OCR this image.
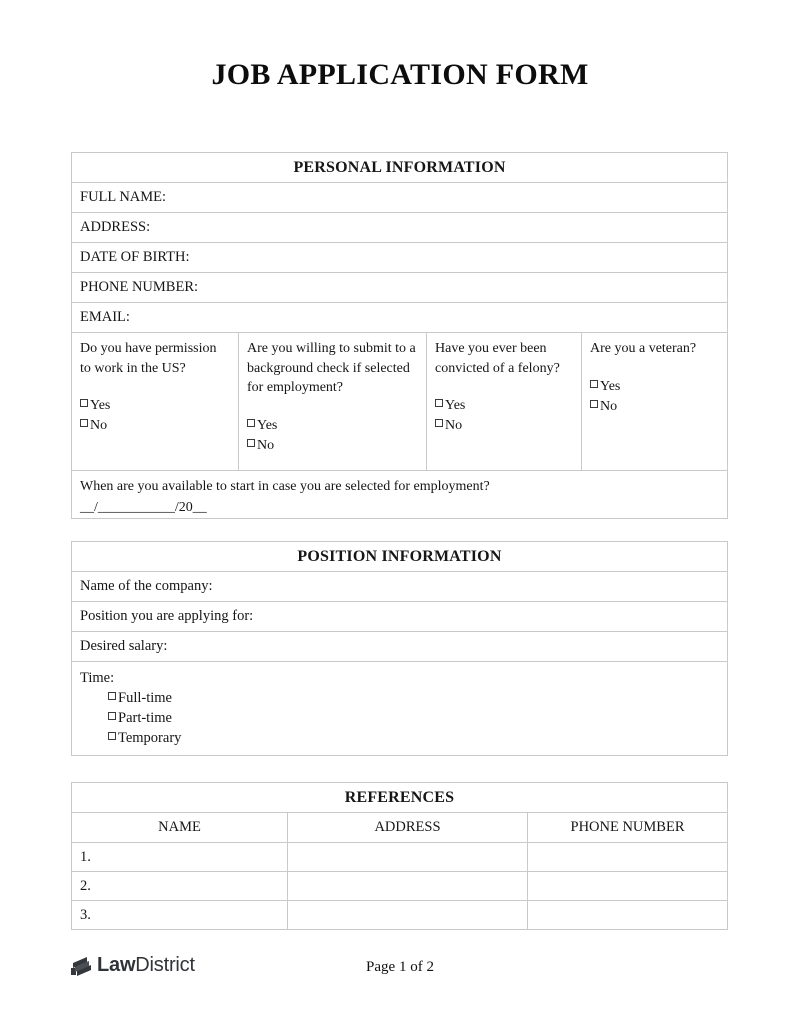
JOB APPLICATION FORM
PERSONAL INFORMATION
FULL NAME:
ADDRESS:
DATE OF BIRTH:
PHONE NUMBER:
EMAIL:

Do you have permission to work in the US?
Yes
No

Are you willing to submit to a background check if selected for employment?
Yes
No

Have you ever been convicted of a felony?
Yes
No

Are you a veteran?
Yes
No

When are you available to start in case you are selected for employment?
__/___________/20__
POSITION INFORMATION
Name of the company:
Position you are applying for:
Desired salary:

Time:
Full-time
Part-time
Temporary
REFERENCES		
NAME	ADDRESS	PHONE NUMBER
1.		
2.		
3.		
Law District	Page 1 of 2
